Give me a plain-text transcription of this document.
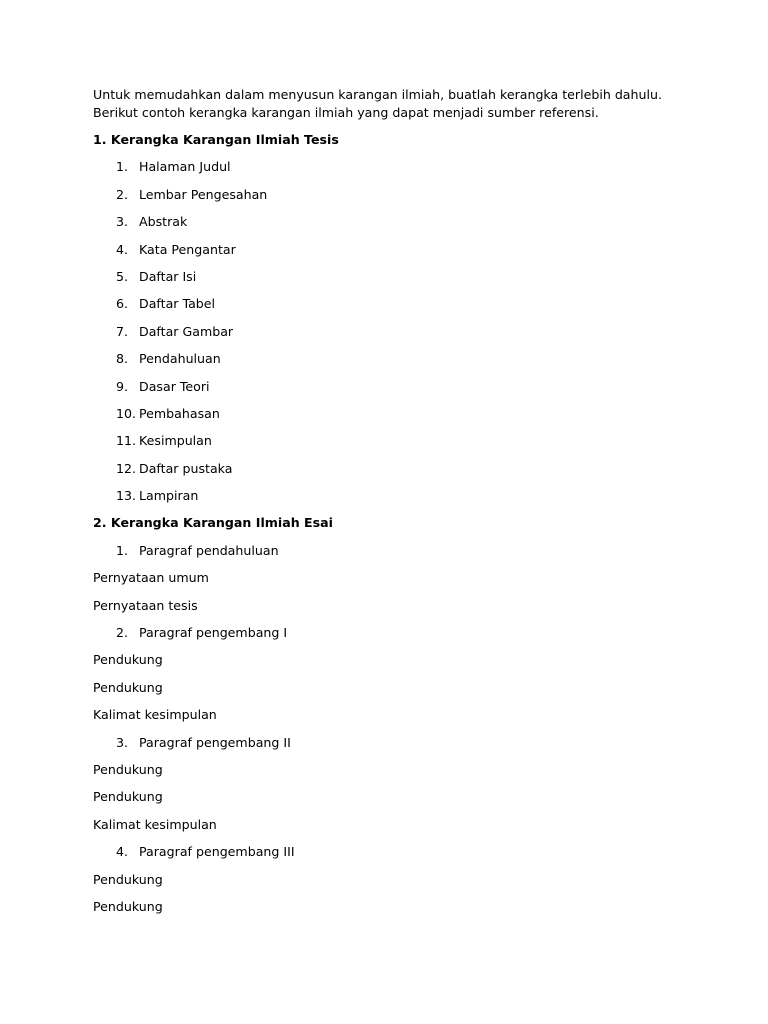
Untuk memudahkan dalam menyusun karangan ilmiah, buatlah kerangka terlebih dahulu. Berikut contoh kerangka karangan ilmiah yang dapat menjadi sumber referensi.

1. Kerangka Karangan Ilmiah Tesis
1. Halaman Judul
2. Lembar Pengesahan
3. Abstrak
4. Kata Pengantar
5. Daftar Isi
6. Daftar Tabel
7. Daftar Gambar
8. Pendahuluan
9. Dasar Teori
10. Pembahasan
11. Kesimpulan
12. Daftar pustaka
13. Lampiran
2. Kerangka Karangan Ilmiah Esai
1. Paragraf pendahuluan
Pernyataan umum
Pernyataan tesis
2. Paragraf pengembang I
Pendukung
Pendukung
Kalimat kesimpulan
3. Paragraf pengembang II
Pendukung
Pendukung
Kalimat kesimpulan
4. Paragraf pengembang III
Pendukung
Pendukung
